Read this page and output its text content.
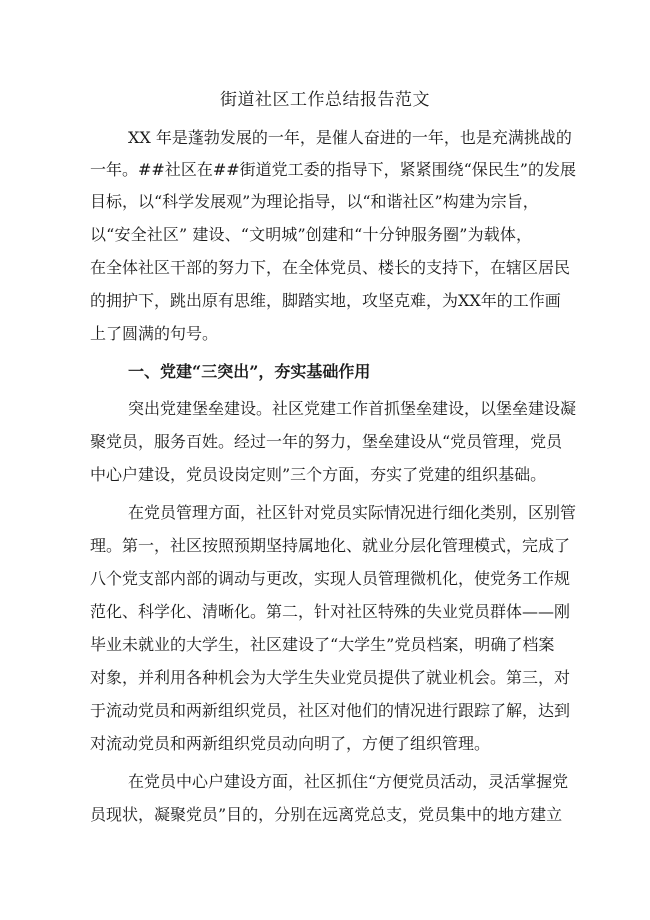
街道社区工作总结报告范文
XX 年是蓬勃发展的一年，是催人奋进的一年，也是充满挑战的
一年。##社区在##街道党工委的指导下，紧紧围绕“保民生”的发展
目标，以“科学发展观”为理论指导，以“和谐社区”构建为宗旨，
以“安全社区” 建设、“文明城”创建和“十分钟服务圈”为载体，
在全体社区干部的努力下，在全体党员、楼长的支持下，在辖区居民
的拥护下，跳出原有思维，脚踏实地，攻坚克难，为XX年的工作画
上了圆满的句号。
一、党建“三突出”，夯实基础作用
突出党建堡垒建设。社区党建工作首抓堡垒建设，以堡垒建设凝
聚党员，服务百姓。经过一年的努力，堡垒建设从“党员管理，党员
中心户建设，党员设岗定则”三个方面，夯实了党建的组织基础。
在党员管理方面，社区针对党员实际情况进行细化类别，区别管
理。第一，社区按照预期坚持属地化、就业分层化管理模式，完成了
八个党支部内部的调动与更改，实现人员管理微机化，使党务工作规
范化、科学化、清晰化。第二，针对社区特殊的失业党员群体——刚
毕业未就业的大学生，社区建设了“大学生”党员档案，明确了档案
对象，并利用各种机会为大学生失业党员提供了就业机会。第三，对
于流动党员和两新组织党员，社区对他们的情况进行跟踪了解，达到
对流动党员和两新组织党员动向明了，方便了组织管理。
在党员中心户建设方面，社区抓住“方便党员活动，灵活掌握党
员现状，凝聚党员”目的，分别在远离党总支，党员集中的地方建立
